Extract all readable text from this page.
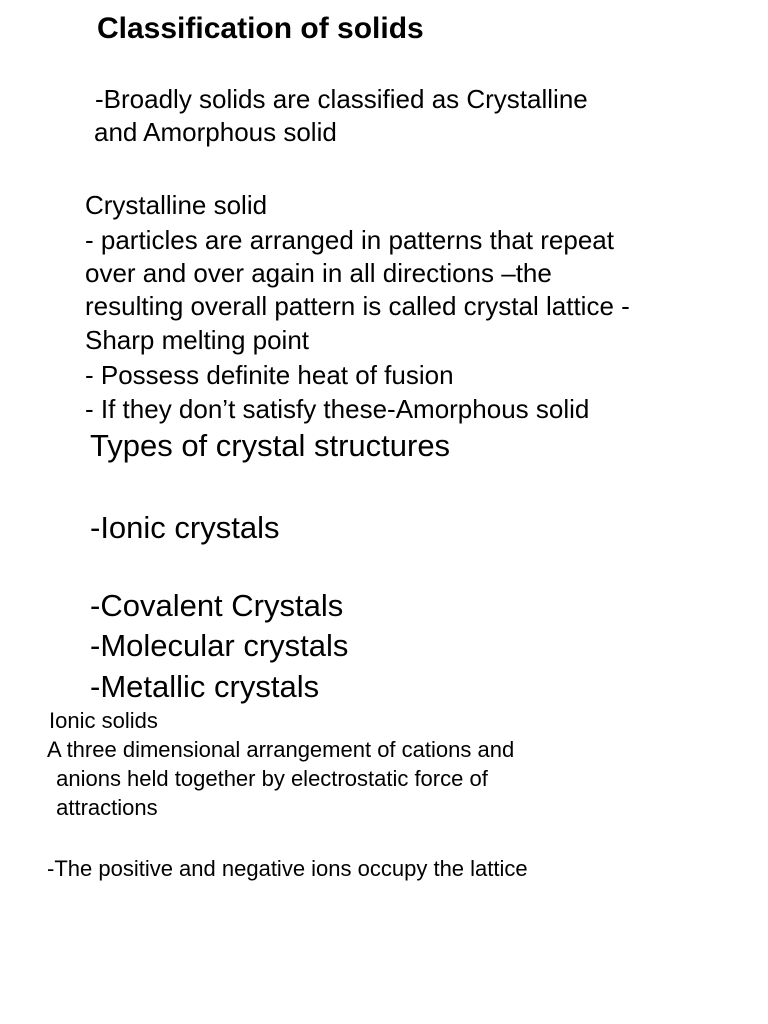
Classification of solids

-Broadly solids are classified as Crystalline

and Amorphous solid

Crystalline solid

- particles are arranged in patterns that repeat

over and over again in all directions –the

resulting overall pattern is called crystal lattice -

Sharp melting point

- Possess definite heat of fusion

- If they don’t satisfy these-Amorphous solid

Types of crystal structures

-Ionic crystals

-Covalent Crystals

-Molecular crystals

-Metallic crystals

Ionic solids

A three dimensional arrangement of cations and

anions held together by electrostatic force of

attractions

-The positive and negative ions occupy the lattice
